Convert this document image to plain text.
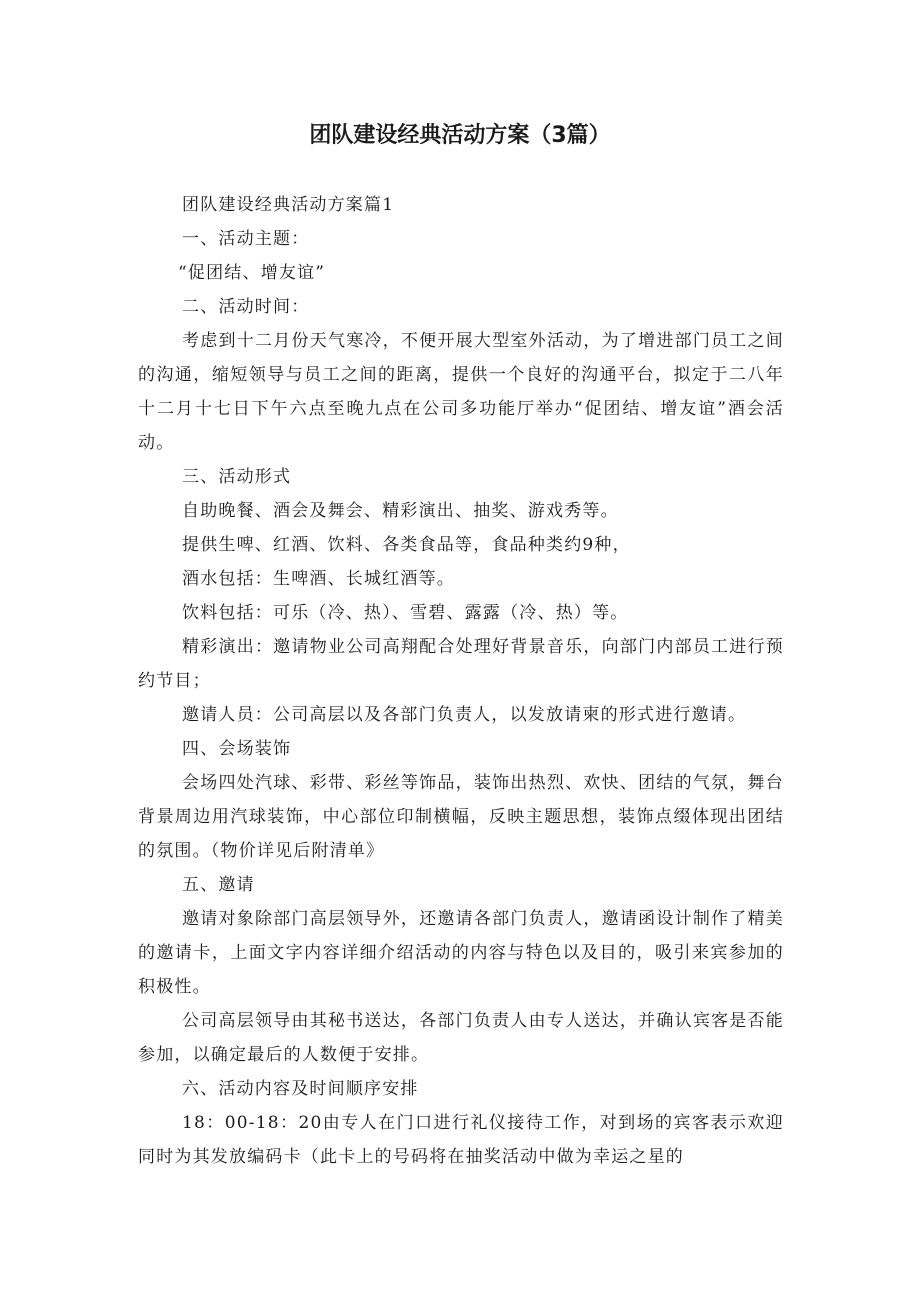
团队建设经典活动方案（3篇）

团队建设经典活动方案篇1

一、活动主题：

“促团结、增友谊”

二、活动时间：

考虑到十二月份天气寒冷，不便开展大型室外活动，为了增进部门员工之间的沟通，缩短领导与员工之间的距离，提供一个良好的沟通平台，拟定于二八年十二月十七日下午六点至晚九点在公司多功能厅举办“促团结、增友谊”酒会活动。

三、活动形式

自助晚餐、酒会及舞会、精彩演出、抽奖、游戏秀等。

提供生啤、红酒、饮料、各类食品等，食品种类约9种，

酒水包括：生啤酒、长城红酒等。

饮料包括：可乐（冷、热）、雪碧、露露（冷、热）等。

精彩演出：邀请物业公司高翔配合处理好背景音乐，向部门内部员工进行预约节目；

邀请人员：公司高层以及各部门负责人，以发放请柬的形式进行邀请。

四、会场装饰

会场四处汽球、彩带、彩丝等饰品，装饰出热烈、欢快、团结的气氛，舞台背景周边用汽球装饰，中心部位印制横幅，反映主题思想，装饰点缀体现出团结的氛围。（物价详见后附清单》

五、邀请

邀请对象除部门高层领导外，还邀请各部门负责人，邀请函设计制作了精美的邀请卡，上面文字内容详细介绍活动的内容与特色以及目的，吸引来宾参加的积极性。

公司高层领导由其秘书送达，各部门负责人由专人送达，并确认宾客是否能参加，以确定最后的人数便于安排。

六、活动内容及时间顺序安排

18：00-18：20由专人在门口进行礼仪接待工作，对到场的宾客表示欢迎同时为其发放编码卡（此卡上的号码将在抽奖活动中做为幸运之星的
